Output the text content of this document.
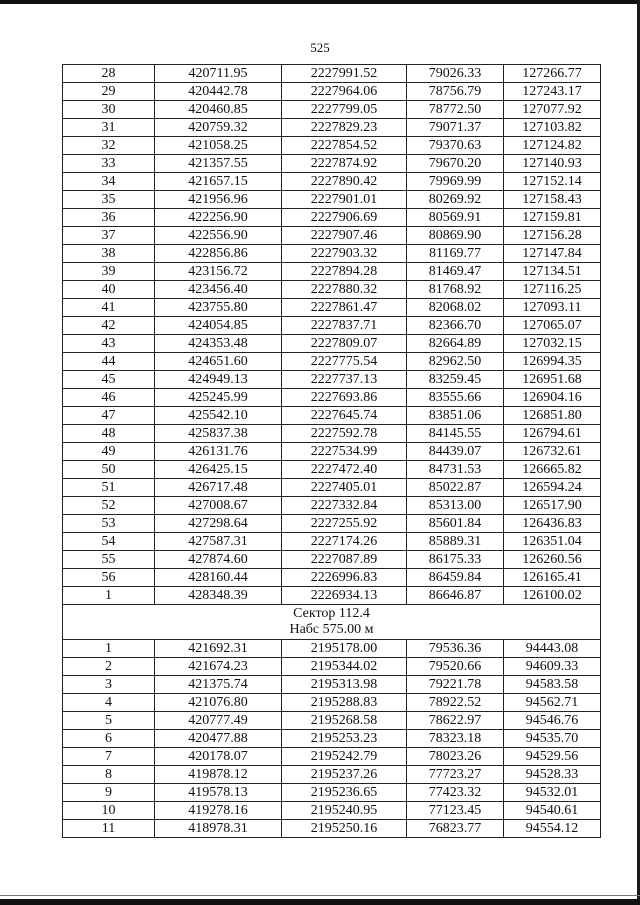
525
28	420711.95	2227991.52	79026.33	127266.77
29	420442.78	2227964.06	78756.79	127243.17
30	420460.85	2227799.05	78772.50	127077.92
31	420759.32	2227829.23	79071.37	127103.82
32	421058.25	2227854.52	79370.63	127124.82
33	421357.55	2227874.92	79670.20	127140.93
34	421657.15	2227890.42	79969.99	127152.14
35	421956.96	2227901.01	80269.92	127158.43
36	422256.90	2227906.69	80569.91	127159.81
37	422556.90	2227907.46	80869.90	127156.28
38	422856.86	2227903.32	81169.77	127147.84
39	423156.72	2227894.28	81469.47	127134.51
40	423456.40	2227880.32	81768.92	127116.25
41	423755.80	2227861.47	82068.02	127093.11
42	424054.85	2227837.71	82366.70	127065.07
43	424353.48	2227809.07	82664.89	127032.15
44	424651.60	2227775.54	82962.50	126994.35
45	424949.13	2227737.13	83259.45	126951.68
46	425245.99	2227693.86	83555.66	126904.16
47	425542.10	2227645.74	83851.06	126851.80
48	425837.38	2227592.78	84145.55	126794.61
49	426131.76	2227534.99	84439.07	126732.61
50	426425.15	2227472.40	84731.53	126665.82
51	426717.48	2227405.01	85022.87	126594.24
52	427008.67	2227332.84	85313.00	126517.90
53	427298.64	2227255.92	85601.84	126436.83
54	427587.31	2227174.26	85889.31	126351.04
55	427874.60	2227087.89	86175.33	126260.56
56	428160.44	2226996.83	86459.84	126165.41
1	428348.39	2226934.13	86646.87	126100.02

Сектор 112.4
Набс 575.00 м				

1	421692.31	2195178.00	79536.36	94443.08
2	421674.23	2195344.02	79520.66	94609.33
3	421375.74	2195313.98	79221.78	94583.58
4	421076.80	2195288.83	78922.52	94562.71
5	420777.49	2195268.58	78622.97	94546.76
6	420477.88	2195253.23	78323.18	94535.70
7	420178.07	2195242.79	78023.26	94529.56
8	419878.12	2195237.26	77723.27	94528.33
9	419578.13	2195236.65	77423.32	94532.01
10	419278.16	2195240.95	77123.45	94540.61
11	418978.31	2195250.16	76823.77	94554.12
